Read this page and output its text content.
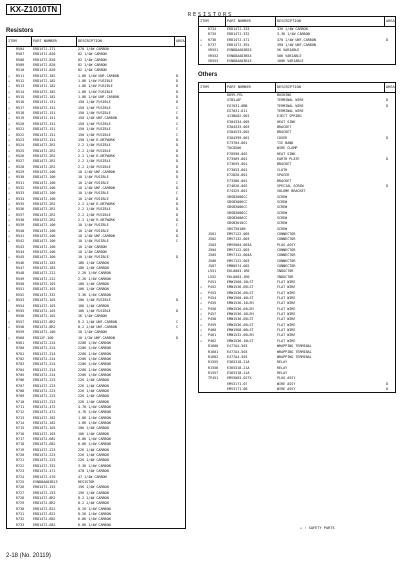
KX-Z1010TN
RESISTORS
Resistors
ITEM	PART NUMBER	DESCRIPTION	AREA
R504	ERD14TJ-271	270 1/4W CARBON
R507	ERD14TJ-820	82 1/4W CARBON
R508	ERD14TJ-820	82 1/4W CARBON
R509	ERD14TJ-820	82 1/4W CARBON
R510	ERD14TJ-820	82 1/4W CARBON
⚠	R511	ERD14TJ-182	1.8K 1/4W UNF.CARBON	D
⚠	R512	ERD14TJ-182	1.8K 1/4W FUSIBLE	D
⚠	R513	ERD14TJ-182	1.8K 1/4W FUSIBLE	D
⚠	R514	ERD14TJ-182	1.8K 1/4W FUSIBLE	D
⚠	R515	ERD14TJ-182	1.8K 1/4W UNF.CARBON	D
⚠	R516	ERD14TJ-151	150 1/4W FUSIBLE	D
⚠	R517	ERD14TJ-151	150 1/4W FUSIBLE	C
⚠	R518	ERD14TJ-151	150 1/4W FUSIBLE	C
⚠	R519	ERD14TJ-151	150 1/4W UNF.CARBON	D
⚠	R520	ERD14TJ-151	150 1/4W FUSIBLE	C
⚠	R521	ERD14TJ-151	150 1/4W FUSIBLE	C
⚠	R522	ERD14TJ-151	150 1/4W FUSIBLE	C
⚠	R523	ERD14TJ-151	150 1/4W R.NETWORK	D
⚠	R524	ERD14TJ-2R2	2.2 1/4W FUSIBLE	D
⚠	R525	ERD14TJ-2R2	2.2 1/4W FUSIBLE	D
⚠	R526	ERD14TJ-2R2	2.2 1/4W R.NETWORK	D
⚠	R527	ERD14TJ-2R2	2.2 1/4W FUSIBLE	D
⚠	R528	ERD14TJ-2R2	2.2 1/4W FUSIBLE	D
⚠	R529	ERD14TJ-100	10 1/4W UNF.CARBON	D
⚠	R530	ERD14TJ-100	10 1/4W FUSIBLE	D
⚠	R531	ERD14TJ-100	10 1/4W FUSIBLE	C
⚠	R532	ERD14TJ-100	10 1/4W UNF.CARBON	D
⚠	R533	ERD14TJ-100	10 1/4W FUSIBLE	C
⚠	R534	ERD14TJ-100	10 1/4W FUSIBLE	D
⚠	R535	ERD14TJ-2R2	2.2 1/4W R.NETWORK	D
⚠	R536	ERD14TJ-2R2	2.2 1/4W FUSIBLE	D
⚠	R537	ERD14TJ-2R2	2.2 1/4W FUSIBLE	D
⚠	R538	ERD14TJ-2R2	2.2 1/4W R.NETWORK	D
⚠	R539	ERD14TJ-100	10 1/4W FUSIBLE	C
⚠	R540	ERD14TJ-100	10 1/4W FUSIBLE	D
⚠	R541	ERD14TJ-100	10 1/4W UNF.CARBON	D
⚠	R542	ERD14TJ-100	10 1/4W FUSIBLE	C
R543	ERD14TJ-100	10 1/4W CARBON
R544	ERD14TJ-100	10 1/4W CARBON
⚠	R545	ERD14TJ-100	10 1/4W FUSIBLE	D
R546	ERD14TJ-183	18K 1/4W CARBON
R547	ERD14TJ-183	18K 1/4W CARBON
R548	ERD14TJ-222	2.2K 1/4W CARBON
R549	ERD14TJ-222	2.2K 1/4W CARBON
R550	ERD14TJ-103	10K 1/4W CARBON
R551	ERD14TJ-103	10K 1/4W CARBON
R552	ERD14TJ-332	3.3K 1/4W CARBON
⚠	R553	ERD14TJ-103	10K 1/4W FUSIBLE	D
R554	ERD14TJ-103	10K 1/4W CARBON
⚠	R555	ERD14TJ-103	10K 1/4W FUSIBLE	D
R556	ERD14TJ-102	1K 1/4W CARBON
⚠	R557	ERD14TJ-8R2	8.2 1/4W UNF.CARBON	C
⚠	R558	ERD14TJ-8R2	8.2 1/4W UNF.CARBON	C
R559	ERD14TJ-100	10 1/4W CARBON
⚠	R560	ERD12F-100	10 1/2W UNF.CARBON	D
R561	ERD14TJ-224	220K 1/4W CARBON
R700	ERD14TJ-224	220K 1/4W CARBON
R701	ERD14TJ-224	220K 1/4W CARBON
R702	ERD14TJ-224	220K 1/4W CARBON
R703	ERD14TJ-224	220K 1/4W CARBON
R704	ERD14TJ-224	220K 1/4W CARBON
R705	ERD14TJ-224	220K 1/4W CARBON
R706	ERD14TJ-223	22K 1/4W CARBON
R707	ERD14TJ-223	22K 1/4W CARBON
R708	ERD14TJ-223	22K 1/4W CARBON
R709	ERD14TJ-223	22K 1/4W CARBON
R710	ERD14TJ-223	22K 1/4W CARBON
R711	ERD14TJ-472	4.7K 1/4W CARBON
R712	ERD14TJ-472	4.7K 1/4W CARBON
R713	ERD14TJ-182	1.8K 1/4W CARBON
R714	ERD14TJ-182	1.8K 1/4W CARBON
R715	ERD14TJ-103	10K 1/4W CARBON
R716	ERD14TJ-103	10K 1/4W CARBON
R717	ERD14TJ-682	6.8K 1/4W CARBON
R718	ERD14TJ-682	6.8K 1/4W CARBON
R719	ERD14TJ-223	22K 1/4W CARBON
R720	ERD14TJ-223	22K 1/4W CARBON
R721	ERD14TJ-223	22K 1/4W CARBON
R722	ERD14TJ-332	3.3K 1/4W CARBON
R723	ERD14TJ-471	470 1/4W CARBON
R724	ERD14TJ-470	47 1/4W CARBON
R725	EVND8AA03B13	RESISTOR
R726	ERD14TJ-153	15K 1/4W CARBON
R727	ERD14TJ-153	15K 1/4W CARBON
R728	ERD14TJ-8R2	8.2 1/4W CARBON
R729	ERD14TJ-8R2	8.2 1/4W CARBON
R730	ERD14TJ-822	8.2K 1/4W CARBON
R731	ERD14TJ-822	8.2K 1/4W CARBON
R732	ERD14TJ-682	6.8K 1/4W CARBON
R733	ERD14TJ-682	6.8K 1/4W CARBON
ITEM	PART NUMBER	DESCRIPTION	AREA
R734	ERD14TJ-333	33K 1/4W CARBON
R735	ERD14TJ-332	3.3K 1/4W CARBON
⚠	R736	ERD14TJ-471	470 1/4W UNF.CARBON	D
⚠	R737	ERD14TJ-391	390 1/4W UNF.CARBON
VR551	EVND8AA03B53	5K VARIABLE
VR552	EVND8AA03B54	50K VARIABLE
VR553	EVND8AA03B15	100K VARIABLE
Others
ITEM	PART NUMBER	DESCRIPTION	AREA
8099-FEL	BUSHING
XTB3+6F	TERMINAL WIRE	D
EX7031-0BB	TERMINAL WIRE	D
EX7031-011	TERMINAL WIRE
413BA02-001	EJECT SPRING
E304334-005	HEAT SINK
E304533-003	BRACKET
E304533-002	BRACKET
E304399-001	COVER	D
E73704-001	TIE BAND
T0C0506	WIRE CLAMP
E70590-002	HEAT SINK
E73569-001	EARTH PLATE	D
E73655-001	BRACKET
E73053-001	CLOTH
E72820-001	SPACER
E73386-001	BRACKET
E74626-002	SPECIAL SCREW	D
E74325-001	VOLUME BRACKET
SBSB3006CC	SCREW
SBSB3006CC	SCREW
SBSB3006CC	SCREW
SBSB3006CC	SCREW
SBSB3006CC	SCREW
SBSB3010CC	SCREW
SBST3010N	SCREW
J501	EMV7122-005	CONNECTOR
J502	EMV7132-003	CONNECTOR
J503	EMV5004-003A	PLUG ASSY
J504	EMV7122-003	CONNECTOR
J505	EMV7112-004A	CONNECTOR
J506	EMV7122-003	CONNECTOR
J507	EMB0574-002	CONNECTOR
L551	EKL0003-1R0	INDUCTOR
L552	EKL0003-1R0	INDUCTOR
P451	EMW1560-10LST	FLAT WIRE
⚠	P452	EMW1536-05LST	FLAT WIRE
⚠	P453	EMW1536-05LST	FLAT WIRE
⚠	P454	EMW1560-40LST	FLAT WIRE
⚠	P455	EMW1536-14LEH	FLAT WIRE
⚠	P456	EMW1536-04LEH	FLAT WIRE
⚠	P457	EMW1536-16LEH	FLAT WIRE
⚠	P458	EMW1536-05LST	FLAT WIRE
⚠	P459	EMW1536-05LST	FLAT WIRE
⚠	P460	EMW1560-06LST	FLAT WIRE
⚠	P461	EMW1532-05LEH	FLAT WIRE
⚠	P462	EMW1536-10LST	FLAT WIRE
R1600	E477A4-503	WRAPPING TERMINAL
R1601	E477A4-503	WRAPPING TERMINAL
R1602	E477A4-503	WRAPPING TERMINAL
R1555	E365318-21A	RELAY
R1556	E365318-21A	RELAY
R1557	E365318-21A	RELAY
TP451	EMV5003-02TX	PLUG ASSY
EMV3171-07	WIRE ASSY	D
EMV3171-08	WIRE ASSY	D
⚠ : SAFETY PARTS
2-18 (No. 20119)
